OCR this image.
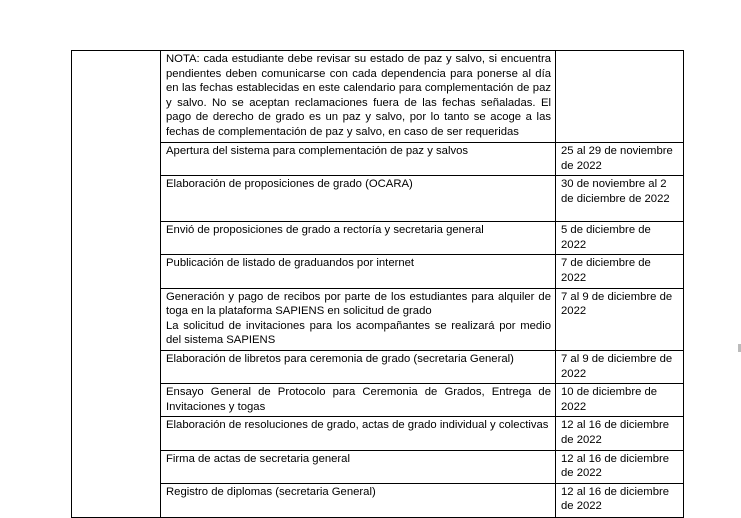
	NOTA: cada estudiante debe revisar su estado de paz y salvo, si encuentra pendientes deben comunicarse con cada dependencia para ponerse al día en las fechas establecidas en este calendario para complementación de paz y salvo. No se aceptan reclamaciones fuera de las fechas señaladas. El pago de derecho de grado es un paz y salvo, por lo tanto se acoge a las fechas de complementación de paz y salvo, en caso de ser requeridas	
	Apertura del sistema para complementación de paz y salvos	25 al 29 de noviembre de 2022
	Elaboración de proposiciones de grado (OCARA)	30 de noviembre al 2 de diciembre de 2022
	Envió de proposiciones de grado a rectoría y secretaria general	5 de diciembre de 2022
	Publicación de listado de graduandos por internet	7 de diciembre de 2022

	Generación y pago de recibos por parte de los estudiantes para alquiler de toga en la plataforma SAPIENS en solicitud de grado
La solicitud de invitaciones para los acompañantes se realizará por medio del sistema SAPIENS	7 al 9 de diciembre de 2022
	Elaboración de libretos para ceremonia de grado (secretaria General)	7 al 9 de diciembre de 2022
	Ensayo General de Protocolo para Ceremonia de Grados, Entrega de Invitaciones y togas	10 de diciembre de 2022
	Elaboración de resoluciones de grado, actas de grado individual y colectivas	12 al 16 de diciembre de 2022
	Firma de actas de secretaria general	12 al 16 de diciembre de 2022
	Registro de diplomas (secretaria General)	12 al 16 de diciembre de 2022
